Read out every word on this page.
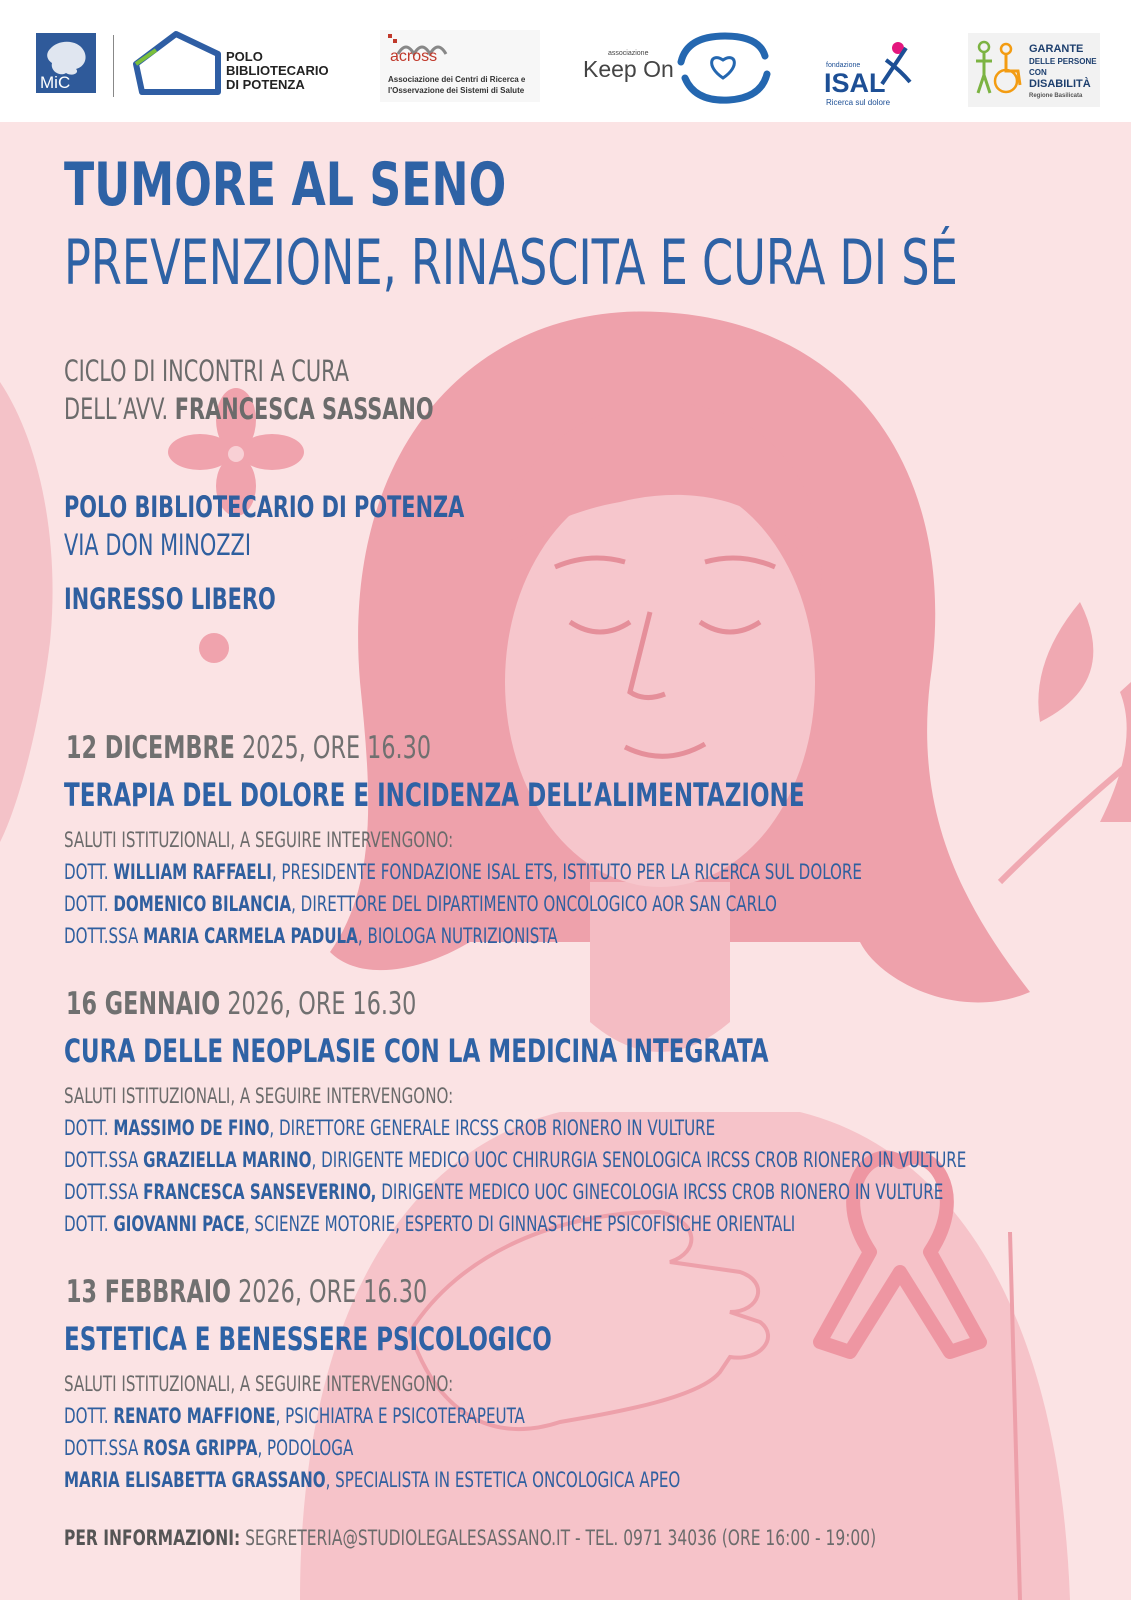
MiC
POLO
BIBLIOTECARIO
DI POTENZA
across
Associazione dei Centri di Ricerca e
l'Osservazione dei Sistemi di Salute
associazione
Keep On	fondazione
ISAL
Ricerca sul dolore
GARANTE
DELLE PERSONE
CON
DISABILITÀ
Regione Basilicata
TUMORE AL SENO
PREVENZIONE, RINASCITA E CURA DI SÉ
CICLO DI INCONTRI A CURA
DELL’AVV. FRANCESCA SASSANO
POLO BIBLIOTECARIO DI POTENZA
VIA DON MINOZZI
INGRESSO LIBERO
12 DICEMBRE 2025, ORE 16.30
TERAPIA DEL DOLORE E INCIDENZA DELL’ALIMENTAZIONE
SALUTI ISTITUZIONALI, A SEGUIRE INTERVENGONO:
DOTT. WILLIAM RAFFAELI, PRESIDENTE FONDAZIONE ISAL ETS, ISTITUTO PER LA RICERCA SUL DOLORE
DOTT. DOMENICO BILANCIA, DIRETTORE DEL DIPARTIMENTO ONCOLOGICO AOR SAN CARLO
DOTT.SSA MARIA CARMELA PADULA, BIOLOGA NUTRIZIONISTA
16 GENNAIO 2026, ORE 16.30
CURA DELLE NEOPLASIE CON LA MEDICINA INTEGRATA
SALUTI ISTITUZIONALI, A SEGUIRE INTERVENGONO:
DOTT. MASSIMO DE FINO, DIRETTORE GENERALE IRCSS CROB RIONERO IN VULTURE
DOTT.SSA GRAZIELLA MARINO, DIRIGENTE MEDICO UOC CHIRURGIA SENOLOGICA IRCSS CROB RIONERO IN VULTURE
DOTT.SSA FRANCESCA SANSEVERINO, DIRIGENTE MEDICO UOC GINECOLOGIA IRCSS CROB RIONERO IN VULTURE
DOTT. GIOVANNI PACE, SCIENZE MOTORIE, ESPERTO DI GINNASTICHE PSICOFISICHE ORIENTALI
13 FEBBRAIO 2026, ORE 16.30
ESTETICA E BENESSERE PSICOLOGICO
SALUTI ISTITUZIONALI, A SEGUIRE INTERVENGONO:
DOTT. RENATO MAFFIONE, PSICHIATRA E PSICOTERAPEUTA
DOTT.SSA ROSA GRIPPA, PODOLOGA
MARIA ELISABETTA GRASSANO, SPECIALISTA IN ESTETICA ONCOLOGICA APEO
PER INFORMAZIONI: SEGRETERIA@STUDIOLEGALESASSANO.IT - TEL. 0971 34036 (ORE 16:00 - 19:00)
